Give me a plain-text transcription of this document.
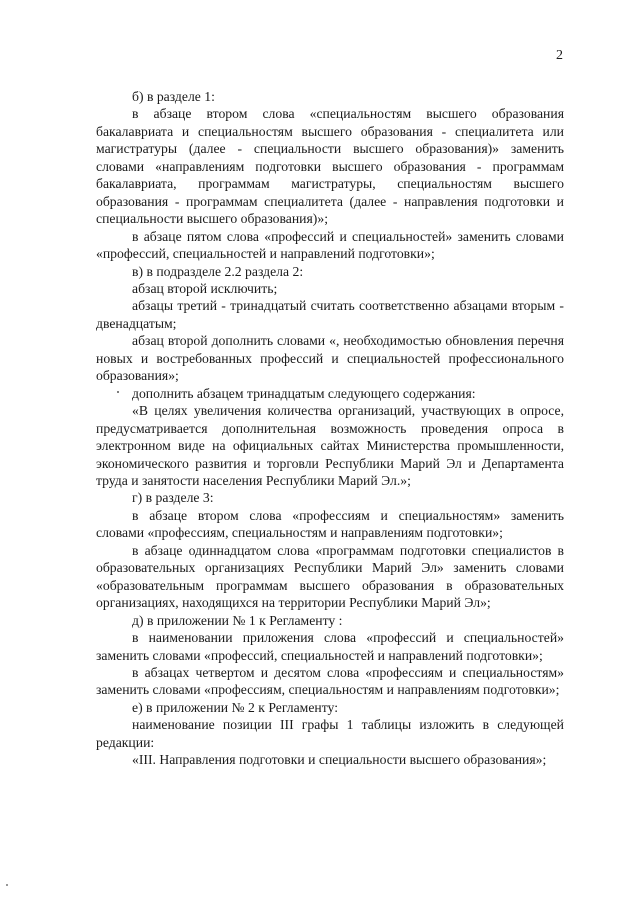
2

б) в разделе 1:

в абзаце втором слова «специальностям высшего образования бакалавриата и специальностям высшего образования - специалитета или магистратуры (далее - специальности высшего образования)» заменить словами «направлениям подготовки высшего образования - программам бакалавриата, программам магистратуры, специальностям высшего образования - программам специалитета (далее - направления подготовки и специальности высшего образования)»;

в абзаце пятом слова «профессий и специальностей» заменить словами «профессий, специальностей и направлений подготовки»;

в) в подразделе 2.2 раздела 2:

абзац второй исключить;

абзацы третий - тринадцатый считать соответственно абзацами вторым - двенадцатым;

абзац второй дополнить словами «, необходимостью обновления перечня новых и востребованных профессий и специальностей профессионального образования»;

дополнить абзацем тринадцатым следующего содержания:

«В целях увеличения количества организаций, участвующих в опросе, предусматривается дополнительная возможность проведения опроса в электронном виде на официальных сайтах Министерства промышленности, экономического развития и торговли Республики Марий Эл и Департамента труда и занятости населения Республики Марий Эл.»;

г) в разделе 3:

в абзаце втором слова «профессиям и специальностям» заменить словами «профессиям, специальностям и направлениям подготовки»;

в абзаце одиннадцатом слова «программам подготовки специалистов в образовательных организациях Республики Марий Эл» заменить словами «образовательным программам высшего образования в образовательных организациях, находящихся на территории Республики Марий Эл»;

д) в приложении № 1 к Регламенту :

в наименовании приложения слова «профессий и специальностей» заменить словами «профессий, специальностей и направлений подготовки»;

в абзацах четвертом и десятом слова «профессиям и специальностям» заменить словами «профессиям, специальностям и направлениям подготовки»;

е) в приложении № 2 к Регламенту:

наименование позиции III графы 1 таблицы изложить в следующей редакции:

«III. Направления подготовки и специальности высшего образования»;
